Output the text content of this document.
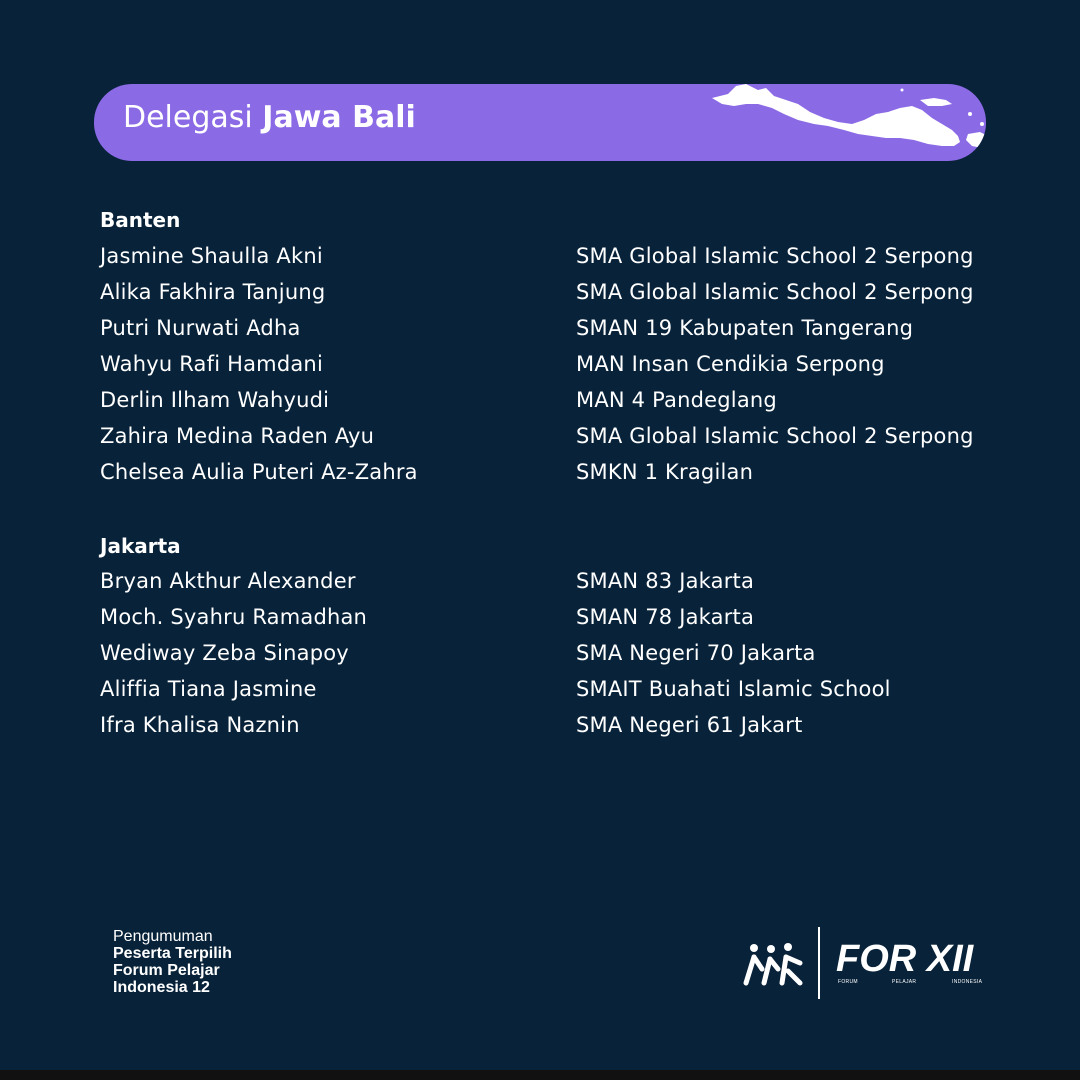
Delegasi Jawa Bali
Banten
Jasmine Shaulla Akni	SMA Global Islamic School 2 Serpong
Alika Fakhira Tanjung	SMA Global Islamic School 2 Serpong
Putri Nurwati Adha	SMAN 19 Kabupaten Tangerang
Wahyu Rafi Hamdani	MAN Insan Cendikia Serpong
Derlin Ilham Wahyudi	MAN 4 Pandeglang
Zahira Medina Raden Ayu	SMA Global Islamic School 2 Serpong
Chelsea Aulia Puteri Az-Zahra	SMKN 1 Kragilan
Jakarta
Bryan Akthur Alexander	SMAN 83 Jakarta
Moch. Syahru Ramadhan	SMAN 78 Jakarta
Wediway Zeba Sinapoy	SMA Negeri 70 Jakarta
Aliffia Tiana Jasmine	SMAIT Buahati Islamic School
Ifra Khalisa Naznin	SMA Negeri 61 Jakart
Pengumuman
Peserta Terpilih
Forum Pelajar
Indonesia 12
FOR XII
FORUM	PELAJAR	INDONESIA
